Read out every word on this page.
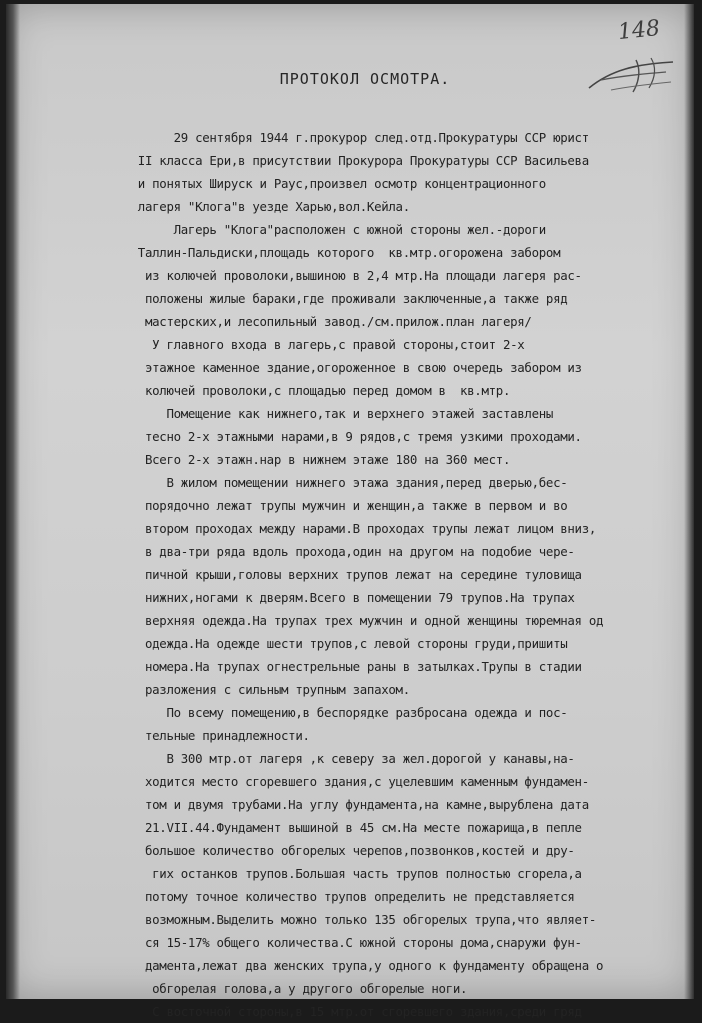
148
ПРОТОКОЛ ОСМОТРА.
29 сентября 1944 г.прокурор след.отд.Прокуратуры ССР юрист
II класса Ери,в присутствии Прокурора Прокуратуры ССР Васильева
и понятых Шируск и Раус,произвел осмотр концентрационного
лагеря "Клога"в уезде Харью,вол.Кейла.
Лагерь "Клога"расположен с южной стороны жел.-дороги
Таллин-Пальдиски,площадь которого  кв.мтр.огорожена забором
из колючей проволоки,вышиною в 2,4 мтр.На площади лагеря рас-
положены жилые бараки,где проживали заключенные,а также ряд
мастерских,и лесопильный завод./см.прилож.план лагеря/
У главного входа в лагерь,с правой стороны,стоит 2-х
этажное каменное здание,огороженное в свою очередь забором из
колючей проволоки,с площадью перед домом в  кв.мтр.
Помещение как нижнего,так и верхнего этажей заставлены
тесно 2-х этажными нарами,в 9 рядов,с тремя узкими проходами.
Всего 2-х этажн.нар в нижнем этаже 180 на 360 мест.
В жилом помещении нижнего этажа здания,перед дверью,бес-
порядочно лежат трупы мужчин и женщин,а также в первом и во
втором проходах между нарами.В проходах трупы лежат лицом вниз,
в два-три ряда вдоль прохода,один на другом на подобие чере-
пичной крыши,головы верхних трупов лежат на середине туловища
нижних,ногами к дверям.Всего в помещении 79 трупов.На трупах
верхняя одежда.На трупах трех мужчин и одной женщины тюремная од
одежда.На одежде шести трупов,с левой стороны груди,пришиты
номера.На трупах огнестрельные раны в затылках.Трупы в стадии
разложения с сильным трупным запахом.
По всему помещению,в беспорядке разбросана одежда и пос-
тельные принадлежности.
В 300 мтр.от лагеря ,к северу за жел.дорогой у канавы,на-
ходится место сгоревшего здания,с уцелевшим каменным фундамен-
том и двумя трубами.На углу фундамента,на камне,вырублена дата
21.VII.44.Фундамент вышиной в 45 см.На месте пожарища,в пепле
большое количество обгорелых черепов,позвонков,костей и дру-
гих останков трупов.Большая часть трупов полностью сгорела,а
потому точное количество трупов определить не представляется
возможным.Выделить можно только 135 обгорелых трупа,что являет-
ся 15-17% общего количества.С южной стороны дома,снаружи фун-
дамента,лежат два женских трупа,у одного к фундаменту обращена о
обгорелая голова,а у другого обгорелые ноги.
С восточной стороны,в 15 мтр.от сгоревшего здания,среди гряд
